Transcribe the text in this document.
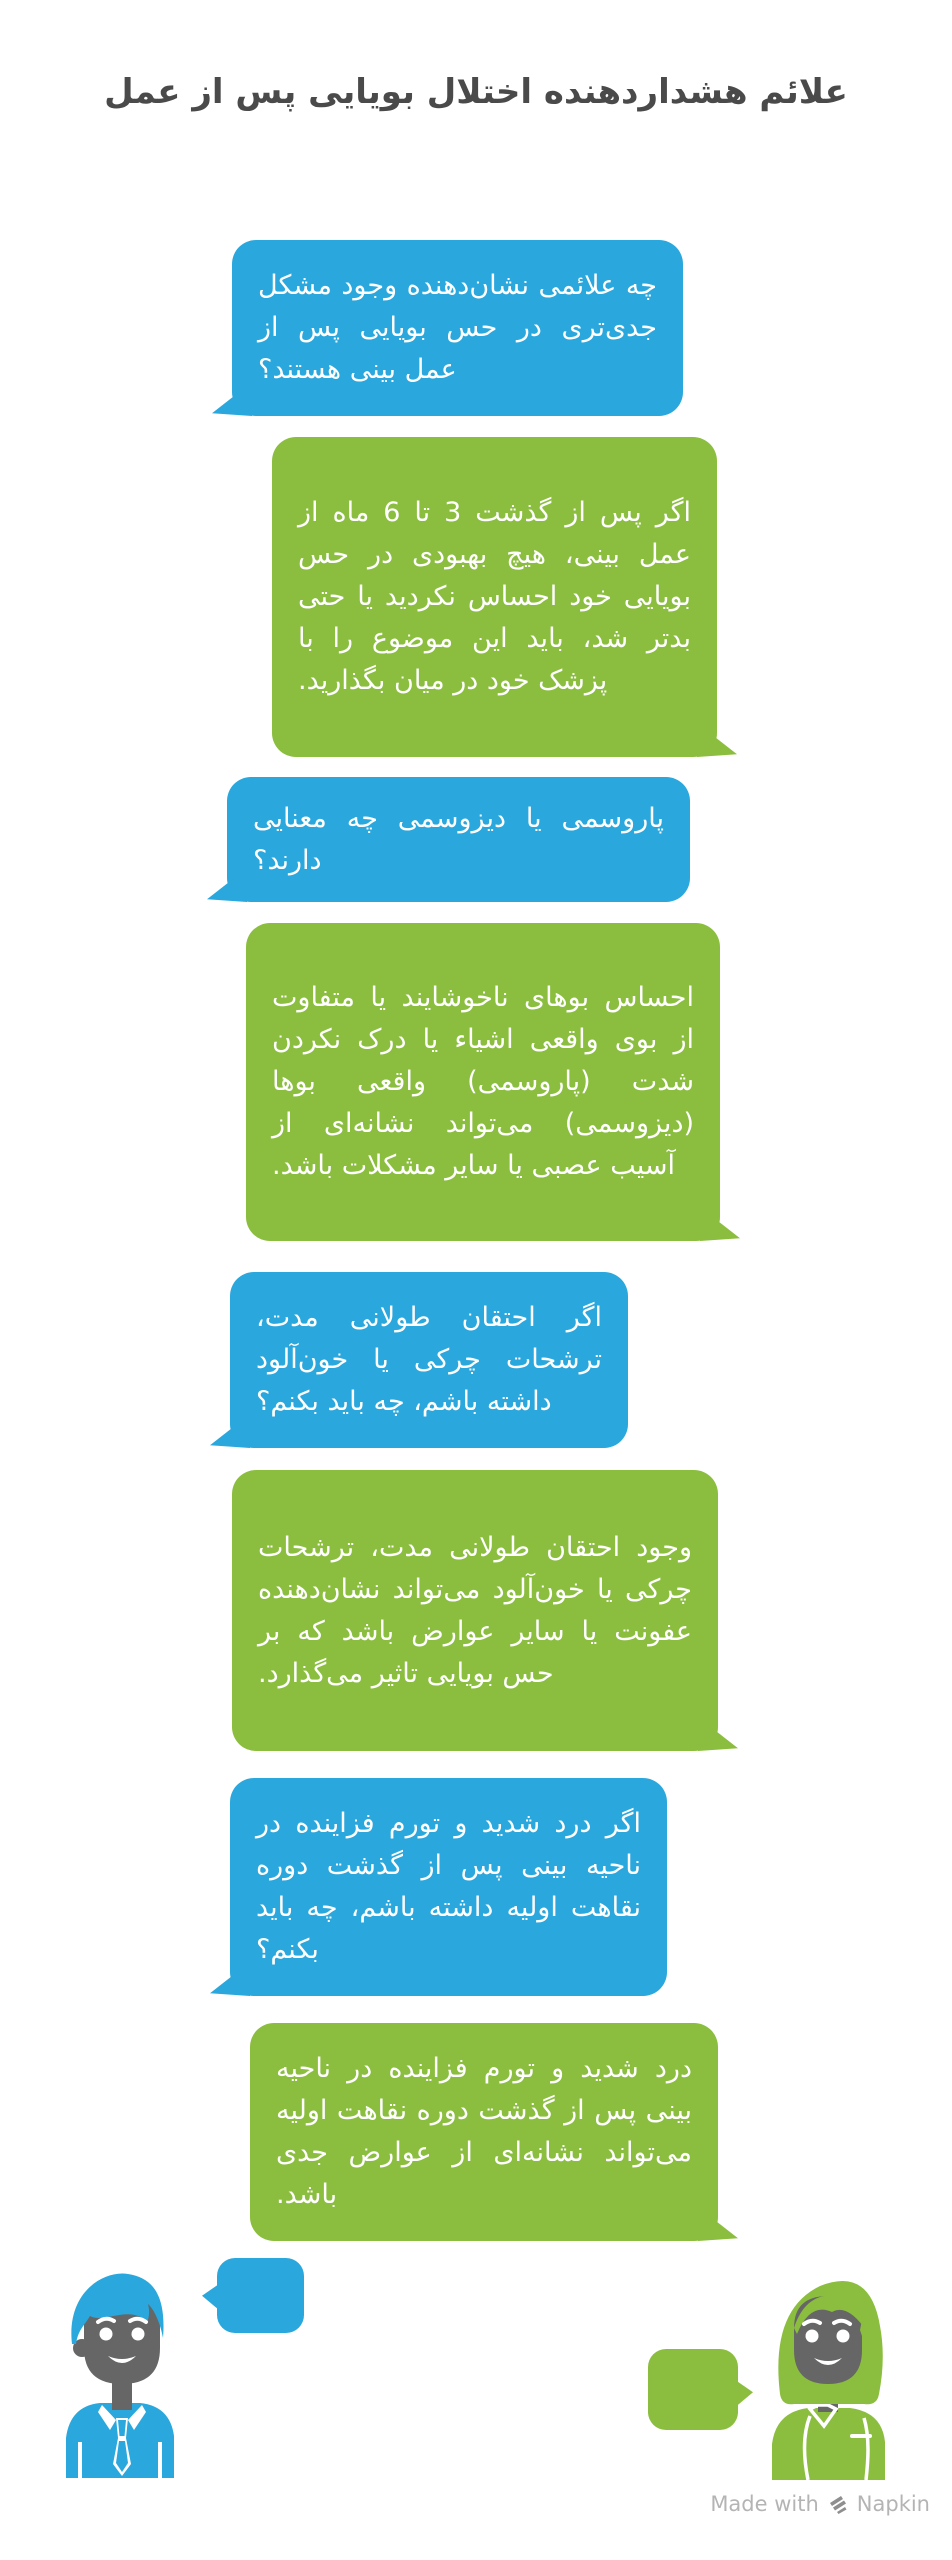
علائم هشداردهنده اختلال بویایی پس از عمل
چه علائمی نشان‌دهنده وجود مشکل جدی‌تری در حس بویایی پس از عمل بینی هستند؟
اگر پس از گذشت 3 تا 6 ماه از عمل بینی، هیچ بهبودی در حس بویایی خود احساس نکردید یا حتی بدتر شد، باید این موضوع را با پزشک خود در میان بگذارید.
پاروسمی یا دیزوسمی چه معنایی دارند؟
احساس بوهای ناخوشایند یا متفاوت از بوی واقعی اشیاء یا درک نکردن شدت (پاروسمی) واقعی بوها (دیزوسمی) می‌تواند نشانه‌ای از آسیب عصبی یا سایر مشکلات باشد.
اگر احتقان طولانی مدت، ترشحات چرکی یا خون‌آلود داشته باشم، چه باید بکنم؟
وجود احتقان طولانی مدت، ترشحات چرکی یا خون‌آلود می‌تواند نشان‌دهنده عفونت یا سایر عوارض باشد که بر حس بویایی تاثیر می‌گذارد.
اگر درد شدید و تورم فزاینده در ناحیه بینی پس از گذشت دوره نقاهت اولیه داشته باشم، چه باید بکنم؟
درد شدید و تورم فزاینده در ناحیه بینی پس از گذشت دوره نقاهت اولیه می‌تواند نشانه‌ای از عوارض جدی باشد.
Made with Napkin
